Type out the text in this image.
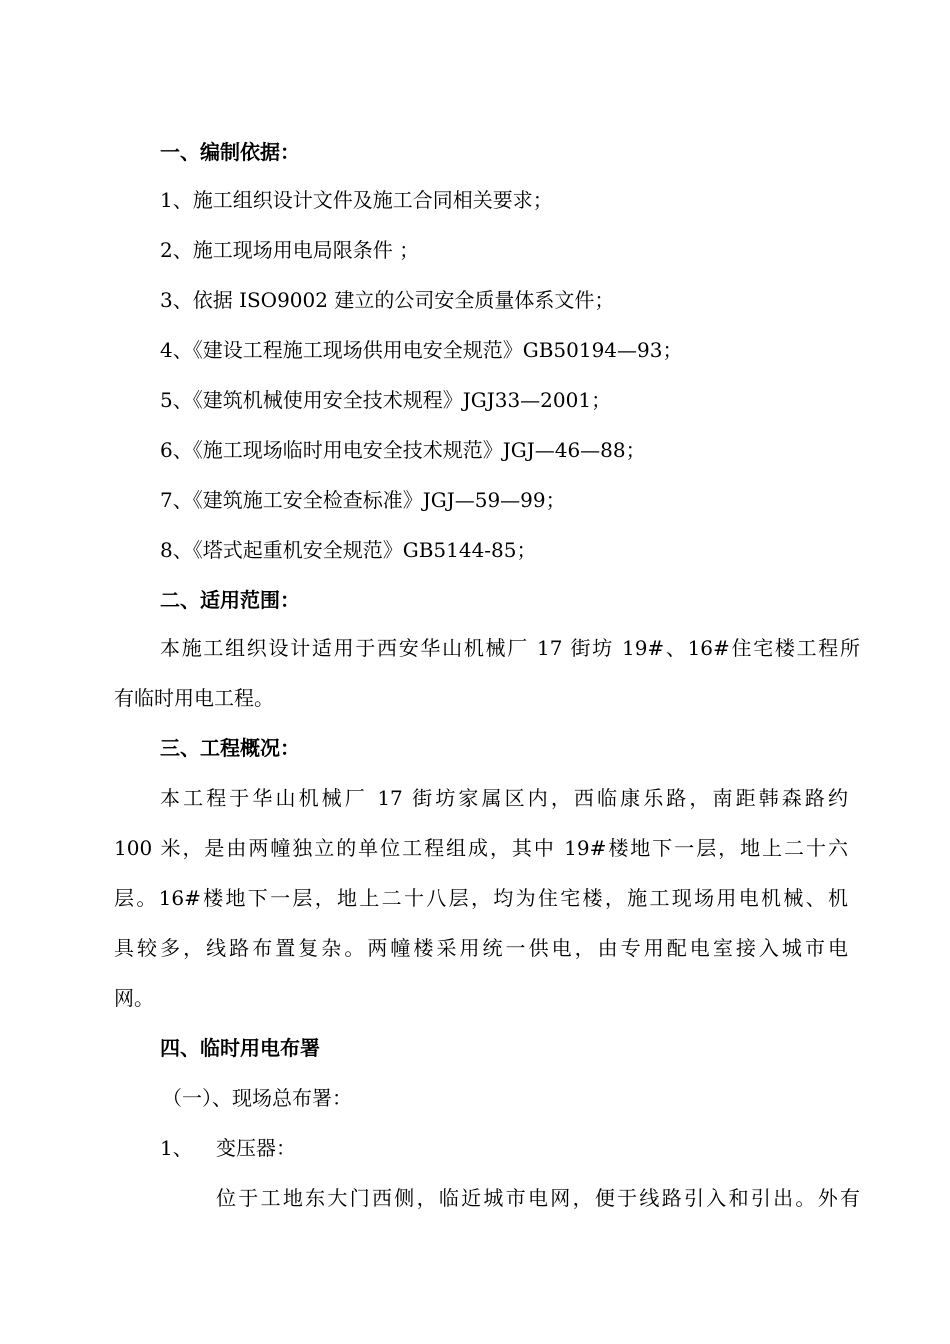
一、编制依据：
1、施工组织设计文件及施工合同相关要求；
2、施工现场用电局限条件 ；
3、依据 ISO9002 建立的公司安全质量体系文件；
4、《建设工程施工现场供用电安全规范》GB50194—93；
5、《建筑机械使用安全技术规程》JGJ33—2001；
6、《施工现场临时用电安全技术规范》JGJ—46—88；
7、《建筑施工安全检查标准》JGJ—59—99；
8、《塔式起重机安全规范》GB5144-85；
二、适用范围：
本施工组织设计适用于西安华山机械厂 17 街坊 19#、16#住宅楼工程所
有临时用电工程。
三、工程概况：
本工程于华山机械厂 17 街坊家属区内，西临康乐路，南距韩森路约
100 米，是由两幢独立的单位工程组成，其中 19#楼地下一层，地上二十六
层。16#楼地下一层，地上二十八层，均为住宅楼，施工现场用电机械、机
具较多，线路布置复杂。两幢楼采用统一供电，由专用配电室接入城市电
网。
四、临时用电布署
（一）、现场总布署：
1、 变压器：
位于工地东大门西侧，临近城市电网，便于线路引入和引出。外有
